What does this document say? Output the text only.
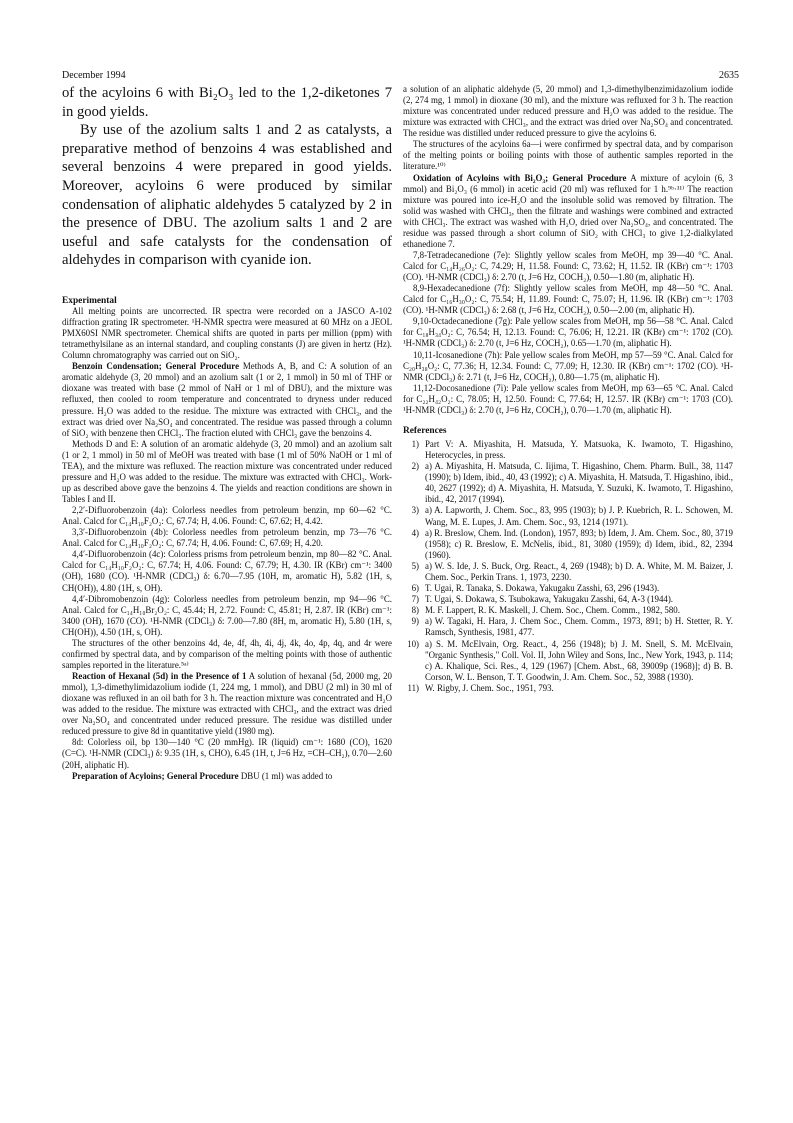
December 1994	2635

of the acyloins 6 with Bi₂O₃ led to the 1,2-diketones 7 in good yields.

By use of the azolium salts 1 and 2 as catalysts, a preparative method of benzoins 4 was established and several benzoins 4 were prepared in good yields. Moreover, acyloins 6 were produced by similar condensation of aliphatic aldehydes 5 catalyzed by 2 in the presence of DBU. The azolium salts 1 and 2 are useful and safe catalysts for the condensation of aldehydes in comparison with cyanide ion.

Experimental

All melting points are uncorrected. IR spectra were recorded on a JASCO A-102 diffraction grating IR spectrometer. ¹H-NMR spectra were measured at 60 MHz on a JEOL PMX60SI NMR spectrometer. Chemical shifts are quoted in parts per million (ppm) with tetramethylsilane as an internal standard, and coupling constants (J) are given in hertz (Hz). Column chromatography was carried out on SiO₂.

Benzoin Condensation; General Procedure Methods A, B, and C: A solution of an aromatic aldehyde (3, 20 mmol) and an azolium salt (1 or 2, 1 mmol) in 50 ml of THF or dioxane was treated with base (2 mmol of NaH or 1 ml of DBU), and the mixture was refluxed, then cooled to room temperature and concentrated to dryness under reduced pressure. H₂O was added to the residue. The mixture was extracted with CHCl₃, and the extract was dried over Na₂SO₄ and concentrated. The residue was passed through a column of SiO₂ with benzene then CHCl₃. The fraction eluted with CHCl₃ gave the benzoins 4.

Methods D and E: A solution of an aromatic aldehyde (3, 20 mmol) and an azolium salt (1 or 2, 1 mmol) in 50 ml of MeOH was treated with base (1 ml of 50% NaOH or 1 ml of TEA), and the mixture was refluxed. The reaction mixture was concentrated under reduced pressure and H₂O was added to the residue. The mixture was extracted with CHCl₃. Work-up as described above gave the benzoins 4. The yields and reaction conditions are shown in Tables I and II.

2,2′-Difluorobenzoin (4a): Colorless needles from petroleum benzin, mp 60—62 °C. Anal. Calcd for C₁₄H₁₀F₂O₂: C, 67.74; H, 4.06. Found: C, 67.62; H, 4.42.

3,3′-Difluorobenzoin (4b): Colorless needles from petroleum benzin, mp 73—76 °C. Anal. Calcd for C₁₄H₁₀F₂O₂: C, 67.74; H, 4.06. Found: C, 67.69; H, 4.20.

4,4′-Difluorobenzoin (4c): Colorless prisms from petroleum benzin, mp 80—82 °C. Anal. Calcd for C₁₄H₁₀F₂O₂: C, 67.74; H, 4.06. Found: C, 67.79; H, 4.30. IR (KBr) cm⁻¹: 3400 (OH), 1680 (CO). ¹H-NMR (CDCl₃) δ: 6.70—7.95 (10H, m, aromatic H), 5.82 (1H, s, CH(OH)), 4.80 (1H, s, OH).

4,4′-Dibromobenzoin (4g): Colorless needles from petroleum benzin, mp 94—96 °C. Anal. Calcd for C₁₄H₁₀Br₂O₂: C, 45.44; H, 2.72. Found: C, 45.81; H, 2.87. IR (KBr) cm⁻¹: 3400 (OH), 1670 (CO). ¹H-NMR (CDCl₃) δ: 7.00—7.80 (8H, m, aromatic H), 5.80 (1H, s, CH(OH)), 4.50 (1H, s, OH).

The structures of the other benzoins 4d, 4e, 4f, 4h, 4i, 4j, 4k, 4o, 4p, 4q, and 4r were confirmed by spectral data, and by comparison of the melting points with those of authentic samples reported in the literature.⁵ᵃ⁾

Reaction of Hexanal (5d) in the Presence of 1 A solution of hexanal (5d, 2000 mg, 20 mmol), 1,3-dimethylimidazolium iodide (1, 224 mg, 1 mmol), and DBU (2 ml) in 30 ml of dioxane was refluxed in an oil bath for 3 h. The reaction mixture was concentrated and H₂O was added to the residue. The mixture was extracted with CHCl₃, and the extract was dried over Na₂SO₄ and concentrated under reduced pressure. The residue was distilled under reduced pressure to give 8d in quantitative yield (1980 mg).

8d: Colorless oil, bp 130—140 °C (20 mmHg). IR (liquid) cm⁻¹: 1680 (CO), 1620 (C=C). ¹H-NMR (CDCl₃) δ: 9.35 (1H, s, CHO), 6.45 (1H, t, J=6 Hz, =CH–CH₂), 0.70—2.60 (20H, aliphatic H).

Preparation of Acyloins; General Procedure DBU (1 ml) was added to

a solution of an aliphatic aldehyde (5, 20 mmol) and 1,3-dimethylbenzimidazolium iodide (2, 274 mg, 1 mmol) in dioxane (30 ml), and the mixture was refluxed for 3 h. The reaction mixture was concentrated under reduced pressure and H₂O was added to the residue. The mixture was extracted with CHCl₃, and the extract was dried over Na₂SO₄ and concentrated. The residue was distilled under reduced pressure to give the acyloins 6.

The structures of the acyloins 6a—i were confirmed by spectral data, and by comparison of the melting points or boiling points with those of authentic samples reported in the literature.¹⁰⁾

Oxidation of Acyloins with Bi₂O₃; General Procedure A mixture of acyloin (6, 3 mmol) and Bi₂O₃ (6 mmol) in acetic acid (20 ml) was refluxed for 1 h.⁹ᵇ·¹¹⁾ The reaction mixture was poured into ice-H₂O and the insoluble solid was removed by filtration. The solid was washed with CHCl₃, then the filtrate and washings were combined and extracted with CHCl₃. The extract was washed with H₂O, dried over Na₂SO₄, and concentrated. The residue was passed through a short column of SiO₂ with CHCl₃ to give 1,2-dialkylated ethanedione 7.

7,8-Tetradecanedione (7e): Slightly yellow scales from MeOH, mp 39—40 °C. Anal. Calcd for C₁₄H₂₆O₂: C, 74.29; H, 11.58. Found: C, 73.62; H, 11.52. IR (KBr) cm⁻¹: 1703 (CO). ¹H-NMR (CDCl₃) δ: 2.70 (t, J=6 Hz, COCH₂), 0.50—1.80 (m, aliphatic H).

8,9-Hexadecanedione (7f): Slightly yellow scales from MeOH, mp 48—50 °C. Anal. Calcd for C₁₆H₃₀O₂: C, 75.54; H, 11.89. Found: C, 75.07; H, 11.96. IR (KBr) cm⁻¹: 1703 (CO). ¹H-NMR (CDCl₃) δ: 2.68 (t, J=6 Hz, COCH₂), 0.50—2.00 (m, aliphatic H).

9,10-Octadecanedione (7g): Pale yellow scales from MeOH, mp 56—58 °C. Anal. Calcd for C₁₈H₃₄O₂: C, 76.54; H, 12.13. Found: C, 76.06; H, 12.21. IR (KBr) cm⁻¹: 1702 (CO). ¹H-NMR (CDCl₃) δ: 2.70 (t, J=6 Hz, COCH₂), 0.65—1.70 (m, aliphatic H).

10,11-Icosanedione (7h): Pale yellow scales from MeOH, mp 57—59 °C. Anal. Calcd for C₂₀H₃₈O₂: C, 77.36; H, 12.34. Found: C, 77.09; H, 12.30. IR (KBr) cm⁻¹: 1702 (CO). ¹H-NMR (CDCl₃) δ: 2.71 (t, J=6 Hz, COCH₂), 0.80—1.75 (m, aliphatic H).

11,12-Docosanedione (7i): Pale yellow scales from MeOH, mp 63—65 °C. Anal. Calcd for C₂₂H₄₂O₂: C, 78.05; H, 12.50. Found: C, 77.64; H, 12.57. IR (KBr) cm⁻¹: 1703 (CO). ¹H-NMR (CDCl₃) δ: 2.70 (t, J=6 Hz, COCH₂), 0.70—1.70 (m, aliphatic H).

References

1) Part V: A. Miyashita, H. Matsuda, Y. Matsuoka, K. Iwamoto, T. Higashino, Heterocycles, in press.

2) a) A. Miyashita, H. Matsuda, C. Iijima, T. Higashino, Chem. Pharm. Bull., 38, 1147 (1990); b) Idem, ibid., 40, 43 (1992); c) A. Miyashita, H. Matsuda, T. Higashino, ibid., 40, 2627 (1992); d) A. Miyashita, H. Matsuda, Y. Suzuki, K. Iwamoto, T. Higashino, ibid., 42, 2017 (1994).

3) a) A. Lapworth, J. Chem. Soc., 83, 995 (1903); b) J. P. Kuebrich, R. L. Schowen, M. Wang, M. E. Lupes, J. Am. Chem. Soc., 93, 1214 (1971).

4) a) R. Breslow, Chem. Ind. (London), 1957, 893; b) Idem, J. Am. Chem. Soc., 80, 3719 (1958); c) R. Breslow, E. McNelis, ibid., 81, 3080 (1959); d) Idem, ibid., 82, 2394 (1960).

5) a) W. S. Ide, J. S. Buck, Org. React., 4, 269 (1948); b) D. A. White, M. M. Baizer, J. Chem. Soc., Perkin Trans. 1, 1973, 2230.

6) T. Ugai, R. Tanaka, S. Dokawa, Yakugaku Zasshi, 63, 296 (1943).

7) T. Ugai, S. Dokawa, S. Tsubokawa, Yakugaku Zasshi, 64, A-3 (1944).

8) M. F. Lappert, R. K. Maskell, J. Chem. Soc., Chem. Comm., 1982, 580.

9) a) W. Tagaki, H. Hara, J. Chem Soc., Chem. Comm., 1973, 891; b) H. Stetter, R. Y. Ramsch, Synthesis, 1981, 477.

10) a) S. M. McElvain, Org. React., 4, 256 (1948); b) J. M. Snell, S. M. McElvain, "Organic Synthesis," Coll. Vol. II, John Wiley and Sons, Inc., New York, 1943, p. 114; c) A. Khalique, Sci. Res., 4, 129 (1967) [Chem. Abst., 68, 39009p (1968)]; d) B. B. Corson, W. L. Benson, T. T. Goodwin, J. Am. Chem. Soc., 52, 3988 (1930).

11) W. Rigby, J. Chem. Soc., 1951, 793.
